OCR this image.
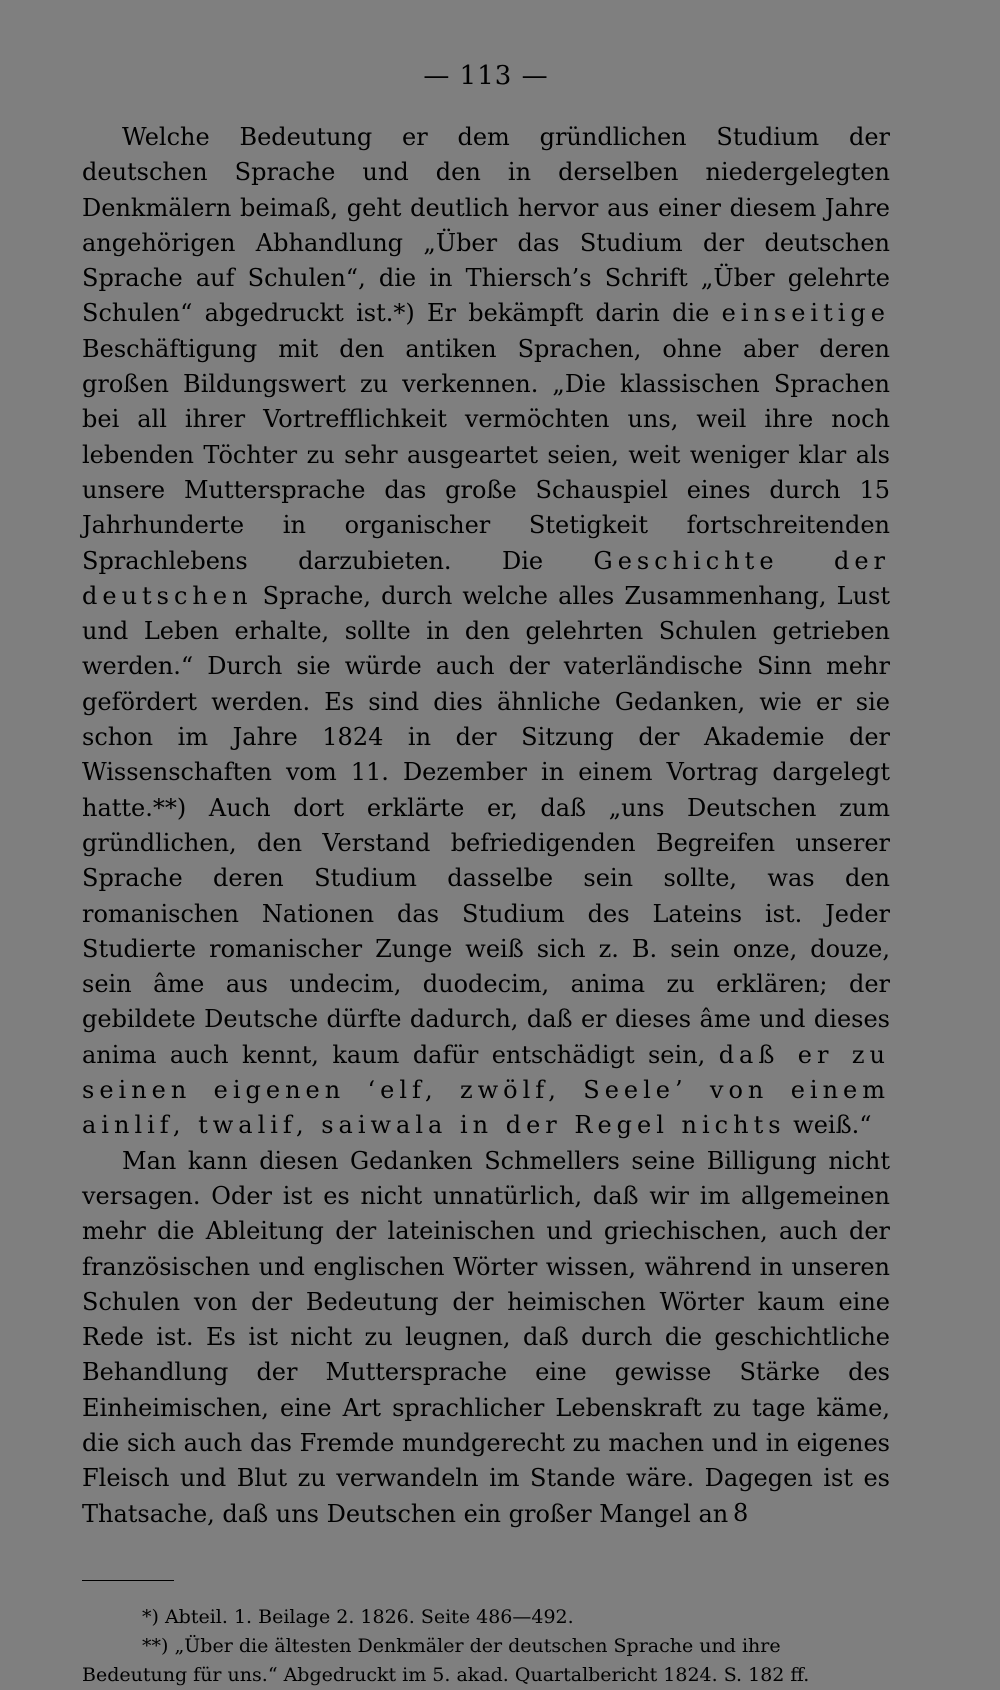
— 113 —

Welche Bedeutung er dem gründlichen Studium der deutschen Sprache und den in derselben niedergelegten Denkmälern beimaß, geht deutlich hervor aus einer diesem Jahre angehörigen Abhandlung „Über das Studium der deutschen Sprache auf Schulen“, die in Thiersch’s Schrift „Über gelehrte Schulen“ abgedruckt ist.*) Er bekämpft darin die einseitige Beschäftigung mit den antiken Sprachen, ohne aber deren großen Bildungswert zu verkennen. „Die klassischen Sprachen bei all ihrer Vortrefflichkeit vermöchten uns, weil ihre noch lebenden Töchter zu sehr ausgeartet seien, weit weniger klar als unsere Muttersprache das große Schauspiel eines durch 15 Jahrhunderte in organischer Stetigkeit fortschreitenden Sprachlebens darzubieten. Die Geschichte der deutschen Sprache, durch welche alles Zusammenhang, Lust und Leben erhalte, sollte in den gelehrten Schulen getrieben werden.“ Durch sie würde auch der vaterländische Sinn mehr gefördert werden. Es sind dies ähnliche Gedanken, wie er sie schon im Jahre 1824 in der Sitzung der Akademie der Wissenschaften vom 11. Dezember in einem Vortrag dargelegt hatte.**) Auch dort erklärte er, daß „uns Deutschen zum gründlichen, den Verstand befriedigenden Begreifen unserer Sprache deren Studium dasselbe sein sollte, was den romanischen Nationen das Studium des Lateins ist. Jeder Studierte romanischer Zunge weiß sich z. B. sein onze, douze, sein âme aus undecim, duodecim, anima zu erklären; der gebildete Deutsche dürfte dadurch, daß er dieses âme und dieses anima auch kennt, kaum dafür entschädigt sein, daß er zu seinen eigenen ‘elf, zwölf, Seele’ von einem ainlif, twalif, saiwala in der Regel nichts weiß.“

Man kann diesen Gedanken Schmellers seine Billigung nicht versagen. Oder ist es nicht unnatürlich, daß wir im allgemeinen mehr die Ableitung der lateinischen und griechischen, auch der französischen und englischen Wörter wissen, während in unseren Schulen von der Bedeutung der heimischen Wörter kaum eine Rede ist. Es ist nicht zu leugnen, daß durch die geschichtliche Behandlung der Muttersprache eine gewisse Stärke des Einheimischen, eine Art sprachlicher Lebenskraft zu tage käme, die sich auch das Fremde mundgerecht zu machen und in eigenes Fleisch und Blut zu verwandeln im Stande wäre. Dagegen ist es Thatsache, daß uns Deutschen ein großer Mangel an

*) Abteil. 1. Beilage 2. 1826. Seite 486—492.

**) „Über die ältesten Denkmäler der deutschen Sprache und ihre Bedeutung für uns.“ Abgedruckt im 5. akad. Quartalbericht 1824. S. 182 ff.

8
